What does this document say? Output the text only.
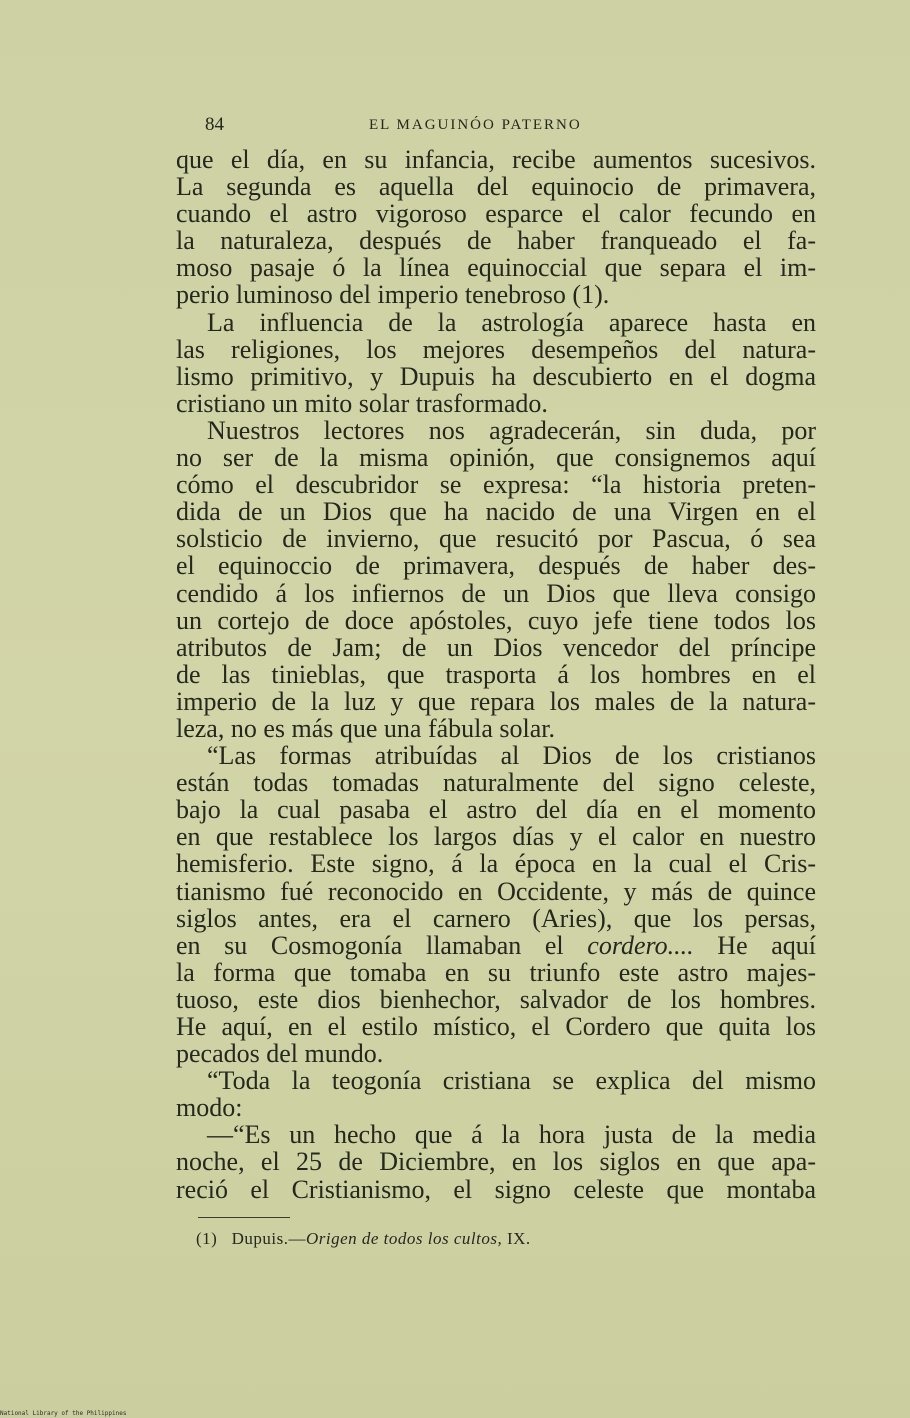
84	EL MAGUINÓO PATERNO
que el día, en su infancia, recibe aumentos sucesivos.
La segunda es aquella del equinocio de primavera,
cuando el astro vigoroso esparce el calor fecundo en
la naturaleza, después de haber franqueado el fa-
moso pasaje ó la línea equinoccial que separa el im-
perio luminoso del imperio tenebroso (1).
La influencia de la astrología aparece hasta en
las religiones, los mejores desempeños del natura-
lismo primitivo, y Dupuis ha descubierto en el dogma
cristiano un mito solar trasformado.
Nuestros lectores nos agradecerán, sin duda, por
no ser de la misma opinión, que consignemos aquí
cómo el descubridor se expresa: “la historia preten-
dida de un Dios que ha nacido de una Virgen en el
solsticio de invierno, que resucitó por Pascua, ó sea
el equinoccio de primavera, después de haber des-
cendido á los infiernos de un Dios que lleva consigo
un cortejo de doce apóstoles, cuyo jefe tiene todos los
atributos de Jam; de un Dios vencedor del príncipe
de las tinieblas, que trasporta á los hombres en el
imperio de la luz y que repara los males de la natura-
leza, no es más que una fábula solar.
“Las formas atribuídas al Dios de los cristianos
están todas tomadas naturalmente del signo celeste,
bajo la cual pasaba el astro del día en el momento
en que restablece los largos días y el calor en nuestro
hemisferio. Este signo, á la época en la cual el Cris-
tianismo fué reconocido en Occidente, y más de quince
siglos antes, era el carnero (Aries), que los persas,
en su Cosmogonía llamaban el cordero.... He aquí
la forma que tomaba en su triunfo este astro majes-
tuoso, este dios bienhechor, salvador de los hombres.
He aquí, en el estilo místico, el Cordero que quita los
pecados del mundo.
“Toda la teogonía cristiana se explica del mismo
modo:
—“Es un hecho que á la hora justa de la media
noche, el 25 de Diciembre, en los siglos en que apa-
reció el Cristianismo, el signo celeste que montaba
(1) Dupuis.—Origen de todos los cultos, IX.
National Library of the Philippines
